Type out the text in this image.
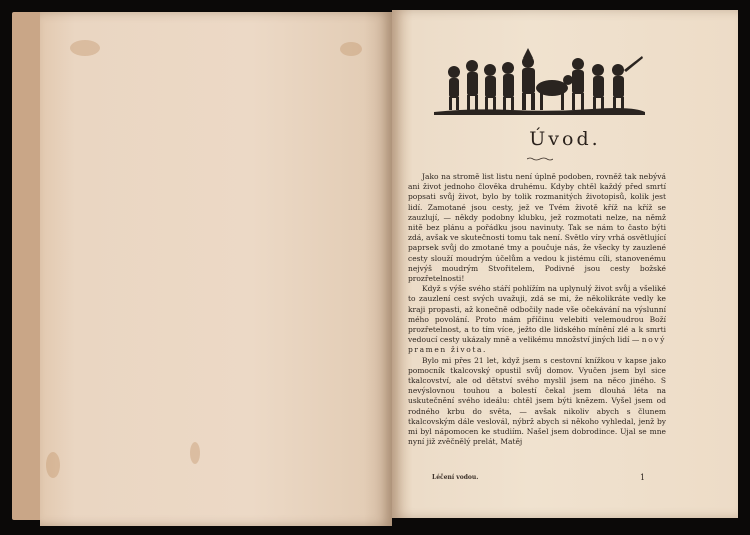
Úvod.

Jako na stromě list listu není úplně podoben, rovněž tak nebývá ani život jednoho člověka druhému. Kdyby chtěl každý před smrtí popsati svůj život, bylo by tolik rozmanitých životopisů, kolik jest lidí. Zamotané jsou cesty, jež ve Tvém životě kříž na kříž se zauzlují, — někdy podobny klubku, jež rozmotati nelze, na němž nitě bez plánu a pořádku jsou navinuty. Tak se nám to často býti zdá, avšak ve skutečnosti tomu tak není. Světlo víry vrhá osvětlující paprsek svůj do zmotané tmy a poučuje nás, že všecky ty zauzlené cesty slouží moudrým účelům a vedou k jistému cíli, stanovenému nejvýš moudrým Stvořitelem, Podivné jsou cesty božské prozřetelnosti!

Když s výše svého stáří pohlížím na uplynulý život svůj a všeliké to zauzlení cest svých uvažuji, zdá se mi, že několikráte vedly ke kraji propasti, až konečně odbočily nade vše očekávání na výslunní mého povolání. Proto mám příčinu velebiti velemoudrou Boží prozřetelnost, a to tím více, ježto dle lidského mínění zlé a k smrti vedoucí cesty ukázaly mně a velikému množství jiných lidí — nový pramen života.

Bylo mi přes 21 let, když jsem s cestovní knížkou v kapse jako pomocník tkalcovský opustil svůj domov. Vyučen jsem byl sice tkalcovství, ale od dětství svého myslil jsem na něco jiného. S nevýslovnou touhou a bolestí čekal jsem dlouhá léta na uskutečnění svého ideálu: chtěl jsem býti knězem. Vyšel jsem od rodného krbu do světa, — avšak nikoliv abych s člunem tkalcovským dále veslovál, nýbrž abych si někoho vyhledal, jenž by mi byl nápomocen ke studiím. Našel jsem dobrodince. Ujal se mne nyní již zvěčnělý prelát, Matěj

Léčení vodou.	1
